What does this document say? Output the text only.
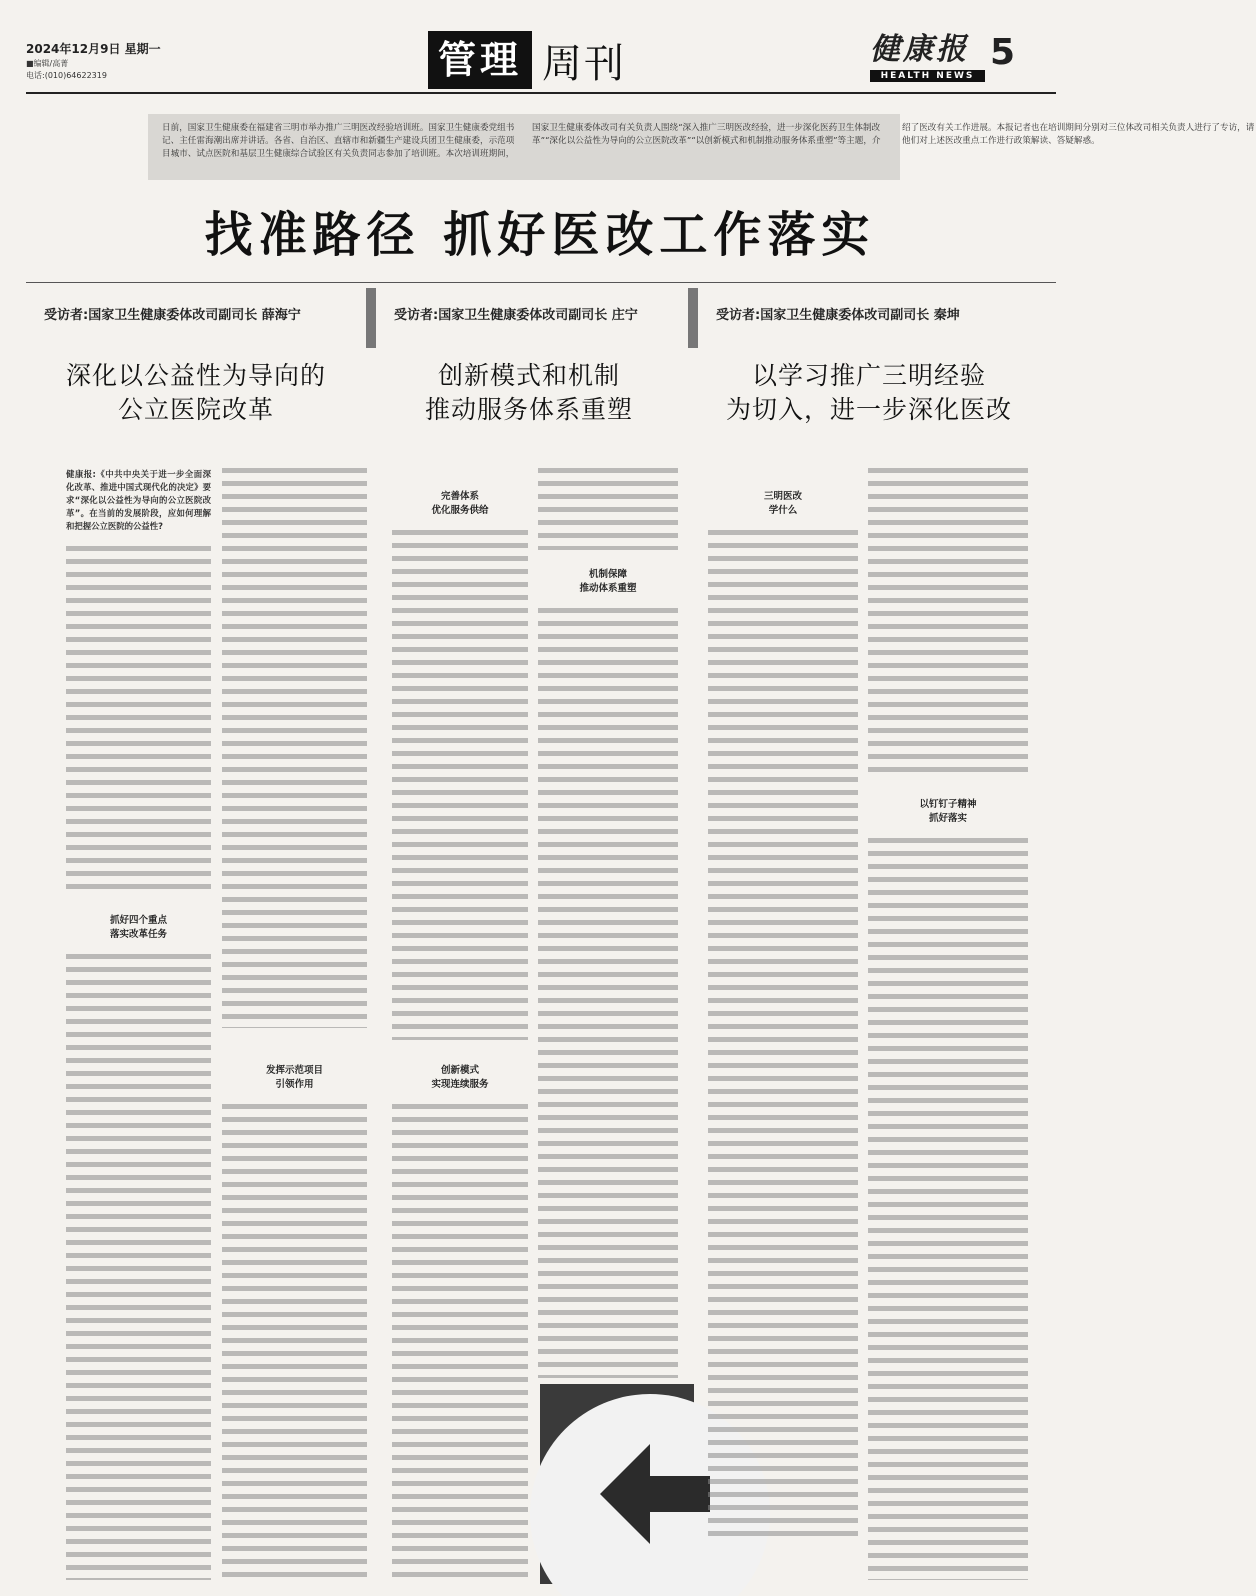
2024年12月9日 星期一
■编辑/高菁
电话:(010)64622319	管理 周刊	健康报
HEALTH NEWS
5
日前，国家卫生健康委在福建省三明市举办推广三明医改经验培训班。国家卫生健康委党组书记、主任雷海潮出席并讲话。各省、自治区、直辖市和新疆生产建设兵团卫生健康委，示范项目城市、试点医院和基层卫生健康综合试验区有关负责同志参加了培训班。本次培训班期间，国家卫生健康委体改司有关负责人围绕“深入推广三明医改经验，进一步深化医药卫生体制改革”“深化以公益性为导向的公立医院改革”“以创新模式和机制推动服务体系重塑”等主题，介绍了医改有关工作进展。本报记者也在培训期间分别对三位体改司相关负责人进行了专访，请他们对上述医改重点工作进行政策解读、答疑解惑。
找准路径 抓好医改工作落实
受访者:国家卫生健康委体改司副司长 薛海宁
深化以公益性为导向的
公立医院改革
健康报:《中共中央关于进一步全面深化改革、推进中国式现代化的决定》要求“深化以公益性为导向的公立医院改革”。在当前的发展阶段，应如何理解和把握公立医院的公益性?
抓好四个重点
落实改革任务
发挥示范项目
引领作用
受访者:国家卫生健康委体改司副司长 庄宁
创新模式和机制
推动服务体系重塑
完善体系
优化服务供给
创新模式
实现连续服务
机制保障
推动体系重塑
受访者:国家卫生健康委体改司副司长 秦坤
以学习推广三明经验
为切入，进一步深化医改
三明医改
学什么
以钉钉子精神
抓好落实
